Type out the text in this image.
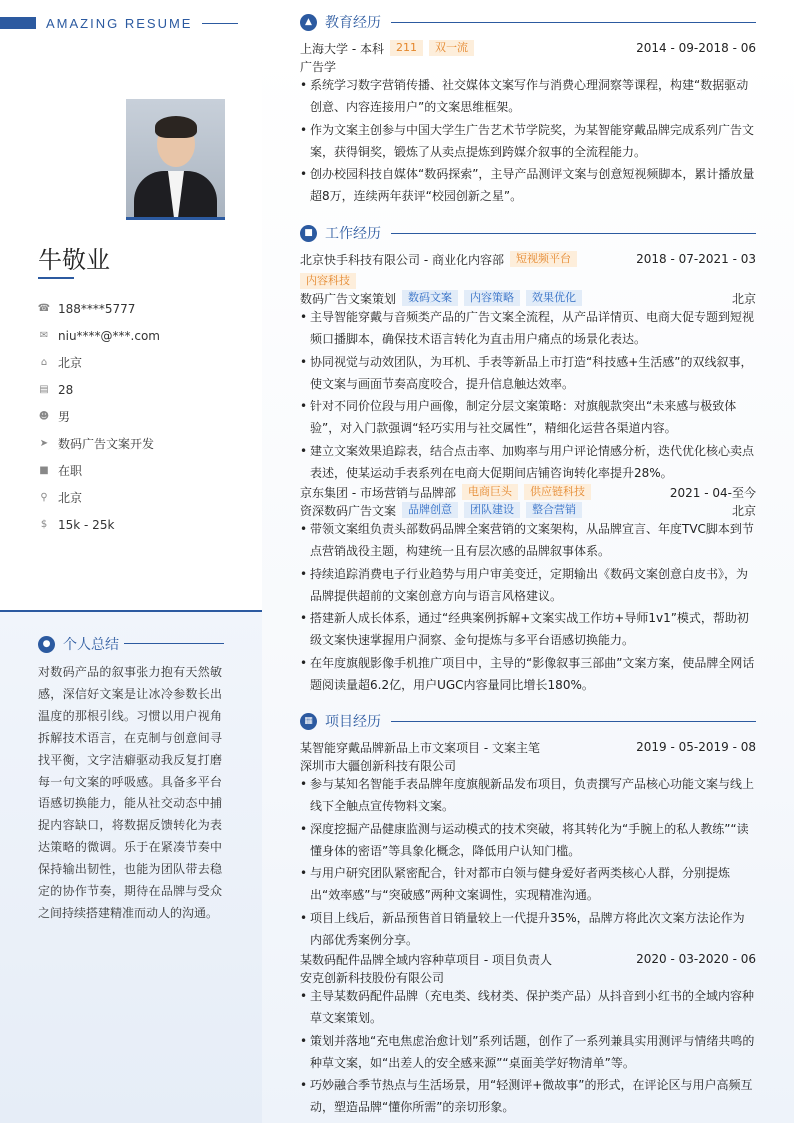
AMAZING RESUME
牛敬业
☎ 188****5777
✉ niu****@***.com
⌂ 北京
▤ 28
☻ 男
➤ 数码广告文案开发
■ 在职
⚲ 北京
$ 15k - 25k
● 个人总结
对数码产品的叙事张力抱有天然敏感，深信好文案是让冰冷参数长出温度的那根引线。习惯以用户视角拆解技术语言，在克制与创意间寻找平衡，文字洁癖驱动我反复打磨每一句文案的呼吸感。具备多平台语感切换能力，能从社交动态中捕捉内容缺口，将数据反馈转化为表达策略的微调。乐于在紧凑节奏中保持输出韧性，也能为团队带去稳定的协作节奏，期待在品牌与受众之间持续搭建精准而动人的沟通。
▲ 教育经历
上海大学 - 本科	211	双一流	2014 - 09-2018 - 06
广告学
• 系统学习数字营销传播、社交媒体文案写作与消费心理洞察等课程，构建“数据驱动创意、内容连接用户”的文案思维框架。
• 作为文案主创参与中国大学生广告艺术节学院奖，为某智能穿戴品牌完成系列广告文案，获得铜奖，锻炼了从卖点提炼到跨媒介叙事的全流程能力。
• 创办校园科技自媒体“数码探索”，主导产品测评文案与创意短视频脚本，累计播放量超8万，连续两年获评“校园创新之星”。
■ 工作经历
北京快手科技有限公司 - 商业化内容部	短视频平台	2018 - 07-2021 - 03
内容科技
数码广告文案策划	数码文案	内容策略	效果优化	北京
• 主导智能穿戴与音频类产品的广告文案全流程，从产品详情页、电商大促专题到短视频口播脚本，确保技术语言转化为直击用户痛点的场景化表达。
• 协同视觉与动效团队，为耳机、手表等新品上市打造“科技感+生活感”的双线叙事，使文案与画面节奏高度咬合，提升信息触达效率。
• 针对不同价位段与用户画像，制定分层文案策略：对旗舰款突出“未来感与极致体验”，对入门款强调“轻巧实用与社交属性”，精细化运营各渠道内容。
• 建立文案效果追踪表，结合点击率、加购率与用户评论情感分析，迭代优化核心卖点表述，使某运动手表系列在电商大促期间店铺咨询转化率提升28%。
京东集团 - 市场营销与品牌部	电商巨头	供应链科技	2021 - 04-至今
资深数码广告文案	品牌创意	团队建设	整合营销	北京
• 带领文案组负责头部数码品牌全案营销的文案架构，从品牌宣言、年度TVC脚本到节点营销战役主题，构建统一且有层次感的品牌叙事体系。
• 持续追踪消费电子行业趋势与用户审美变迁，定期输出《数码文案创意白皮书》，为品牌提供超前的文案创意方向与语言风格建议。
• 搭建新人成长体系，通过“经典案例拆解+文案实战工作坊+导师1v1”模式，帮助初级文案快速掌握用户洞察、金句提炼与多平台语感切换能力。
• 在年度旗舰影像手机推广项目中，主导的“影像叙事三部曲”文案方案，使品牌全网话题阅读量超6.2亿，用户UGC内容量同比增长180%。
▦ 项目经历
某智能穿戴品牌新品上市文案项目 - 文案主笔	2019 - 05-2019 - 08
深圳市大疆创新科技有限公司
• 参与某知名智能手表品牌年度旗舰新品发布项目，负责撰写产品核心功能文案与线上线下全触点宣传物料文案。
• 深度挖掘产品健康监测与运动模式的技术突破，将其转化为“手腕上的私人教练”“读懂身体的密语”等具象化概念，降低用户认知门槛。
• 与用户研究团队紧密配合，针对都市白领与健身爱好者两类核心人群，分别提炼出“效率感”与“突破感”两种文案调性，实现精准沟通。
• 项目上线后，新品预售首日销量较上一代提升35%，品牌方将此次文案方法论作为内部优秀案例分享。
某数码配件品牌全域内容种草项目 - 项目负责人	2020 - 03-2020 - 06
安克创新科技股份有限公司
• 主导某数码配件品牌（充电类、线材类、保护类产品）从抖音到小红书的全域内容种草文案策划。
• 策划并落地“充电焦虑治愈计划”系列话题，创作了一系列兼具实用测评与情绪共鸣的种草文案，如“出差人的安全感来源”“桌面美学好物清单”等。
• 巧妙融合季节热点与生活场景，用“轻测评+微故事”的形式，在评论区与用户高频互动，塑造品牌“懂你所需”的亲切形象。
